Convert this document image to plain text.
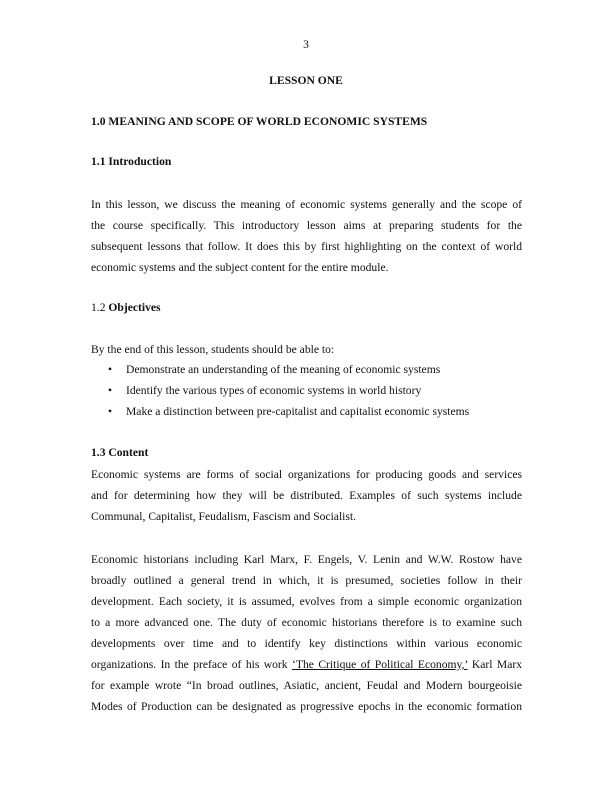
3
LESSON ONE
1.0 MEANING AND SCOPE OF WORLD ECONOMIC SYSTEMS
1.1 Introduction
In this lesson, we discuss the meaning of economic systems generally and the scope of
the course specifically. This introductory lesson aims at preparing students for the
subsequent lessons that follow. It does this by first highlighting on the context of world
economic systems and the subject content for the entire module.
1.2 Objectives
By the end of this lesson, students should be able to:
• Demonstrate an understanding of the meaning of economic systems
• Identify the various types of economic systems in world history
• Make a distinction between pre-capitalist and capitalist economic systems
1.3 Content
Economic systems are forms of social organizations for producing goods and services
and for determining how they will be distributed. Examples of such systems include
Communal, Capitalist, Feudalism, Fascism and Socialist.
Economic historians including Karl Marx, F. Engels, V. Lenin and W.W. Rostow have
broadly outlined a general trend in which, it is presumed, societies follow in their
development. Each society, it is assumed, evolves from a simple economic organization
to a more advanced one. The duty of economic historians therefore is to examine such
developments over time and to identify key distinctions within various economic
organizations. In the preface of his work ‘The Critique of Political Economy,’ Karl Marx
for example wrote “In broad outlines, Asiatic, ancient, Feudal and Modern bourgeoisie
Modes of Production can be designated as progressive epochs in the economic formation
